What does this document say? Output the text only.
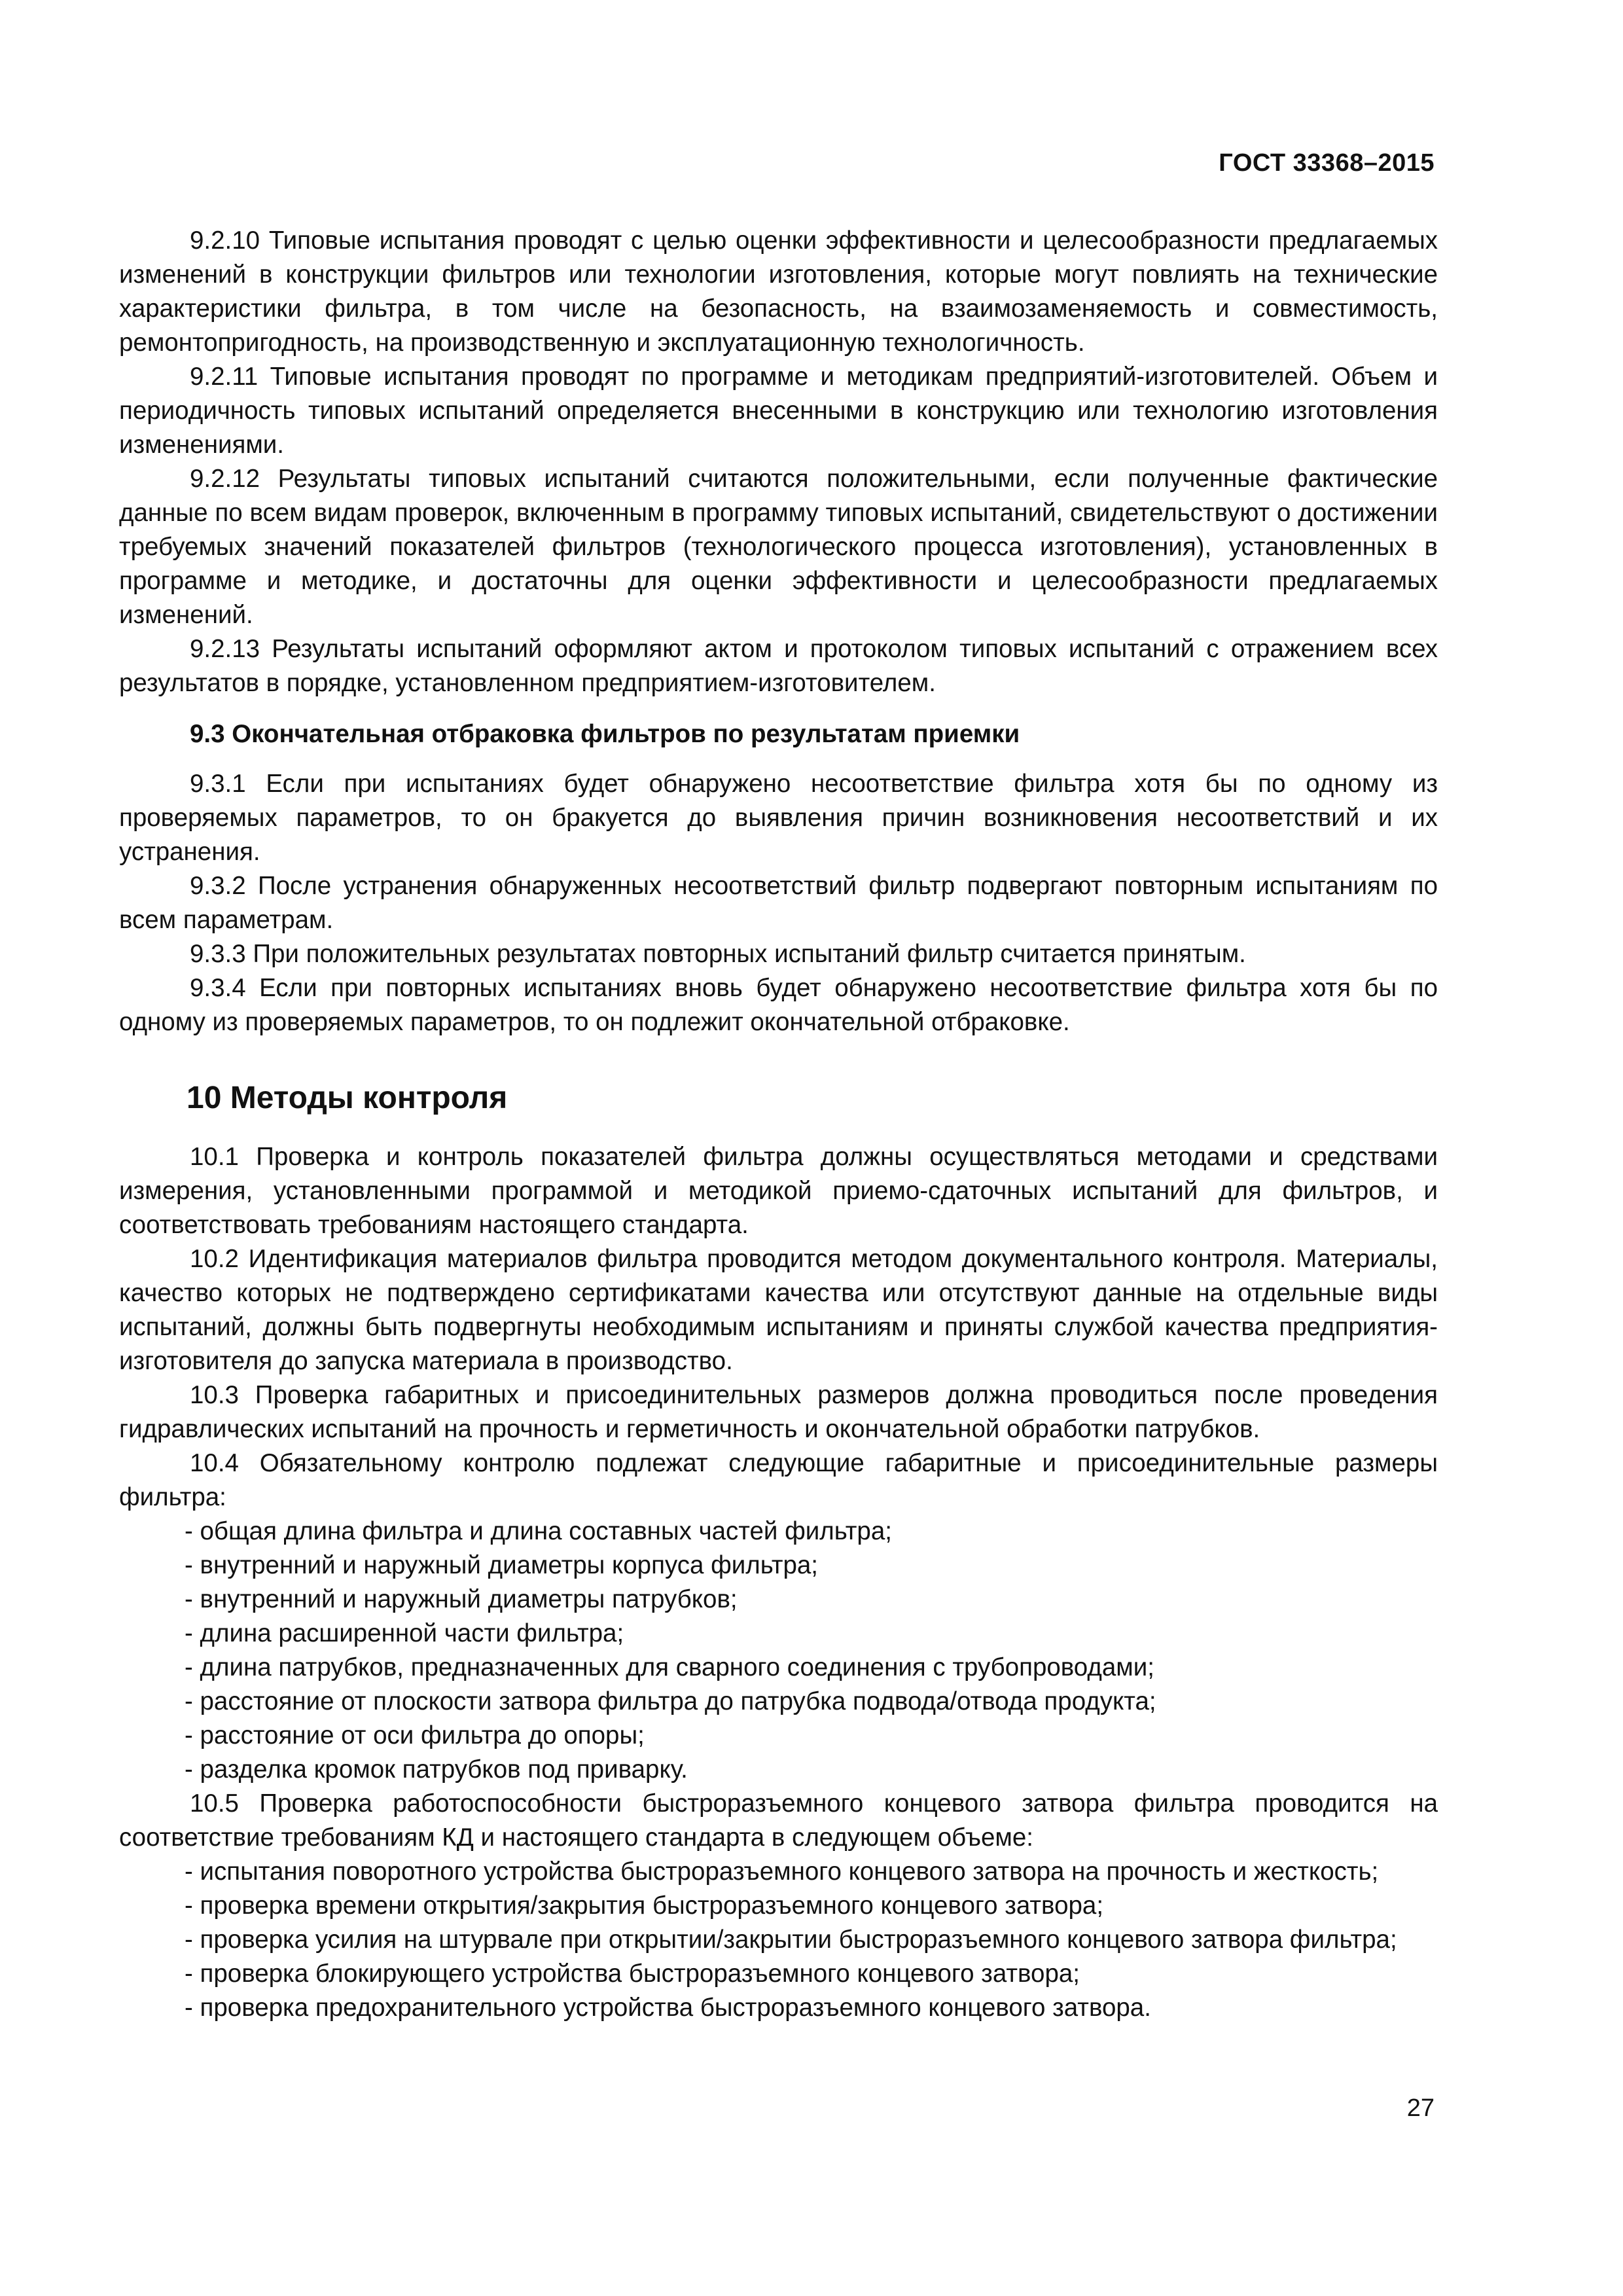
ГОСТ 33368–2015

9.2.10 Типовые испытания проводят с целью оценки эффективности и целесообразности предлагаемых изменений в конструкции фильтров или технологии изготовления, которые могут повлиять на технические характеристики фильтра, в том числе на безопасность, на взаимозаменяемость и совместимость, ремонтопригодность, на производственную и эксплуатационную технологичность.

9.2.11 Типовые испытания проводят по программе и методикам предприятий-изготовителей. Объем и периодичность типовых испытаний определяется внесенными в конструкцию или технологию изготовления изменениями.

9.2.12 Результаты типовых испытаний считаются положительными, если полученные фактические данные по всем видам проверок, включенным в программу типовых испытаний, свидетельствуют о достижении требуемых значений показателей фильтров (технологического процесса изготовления), установленных в программе и методике, и достаточны для оценки эффективности и целесообразности предлагаемых изменений.

9.2.13 Результаты испытаний оформляют актом и протоколом типовых испытаний с отражением всех результатов в порядке, установленном предприятием-изготовителем.

9.3 Окончательная отбраковка фильтров по результатам приемки

9.3.1 Если при испытаниях будет обнаружено несоответствие фильтра хотя бы по одному из проверяемых параметров, то он бракуется до выявления причин возникновения несоответствий и их устранения.

9.3.2 После устранения обнаруженных несоответствий фильтр подвергают повторным испытаниям по всем параметрам.

9.3.3 При положительных результатах повторных испытаний фильтр считается принятым.

9.3.4 Если при повторных испытаниях вновь будет обнаружено несоответствие фильтра хотя бы по одному из проверяемых параметров, то он подлежит окончательной отбраковке.

10 Методы контроля

10.1 Проверка и контроль показателей фильтра должны осуществляться методами и средствами измерения, установленными программой и методикой приемо-сдаточных испытаний для фильтров, и соответствовать требованиям настоящего стандарта.

10.2 Идентификация материалов фильтра проводится методом документального контроля. Материалы, качество которых не подтверждено сертификатами качества или отсутствуют данные на отдельные виды испытаний, должны быть подвергнуты необходимым испытаниям и приняты службой качества предприятия-изготовителя до запуска материала в производство.

10.3 Проверка габаритных и присоединительных размеров должна проводиться после проведения гидравлических испытаний на прочность и герметичность и окончательной обработки патрубков.

10.4 Обязательному контролю подлежат следующие габаритные и присоединительные размеры фильтра:

- общая длина фильтра и длина составных частей фильтра;

- внутренний и наружный диаметры корпуса фильтра;

- внутренний и наружный диаметры патрубков;

- длина расширенной части фильтра;

- длина патрубков, предназначенных для сварного соединения с трубопроводами;

- расстояние от плоскости затвора фильтра до патрубка подвода/отвода продукта;

- расстояние от оси фильтра до опоры;

- разделка кромок патрубков под приварку.

10.5 Проверка работоспособности быстроразъемного концевого затвора фильтра проводится на соответствие требованиям КД и настоящего стандарта в следующем объеме:

- испытания поворотного устройства быстроразъемного концевого затвора на прочность и жесткость;

- проверка времени открытия/закрытия быстроразъемного концевого затвора;

- проверка усилия на штурвале при открытии/закрытии быстроразъемного концевого затвора фильтра;

- проверка блокирующего устройства быстроразъемного концевого затвора;

- проверка предохранительного устройства быстроразъемного концевого затвора.

27
